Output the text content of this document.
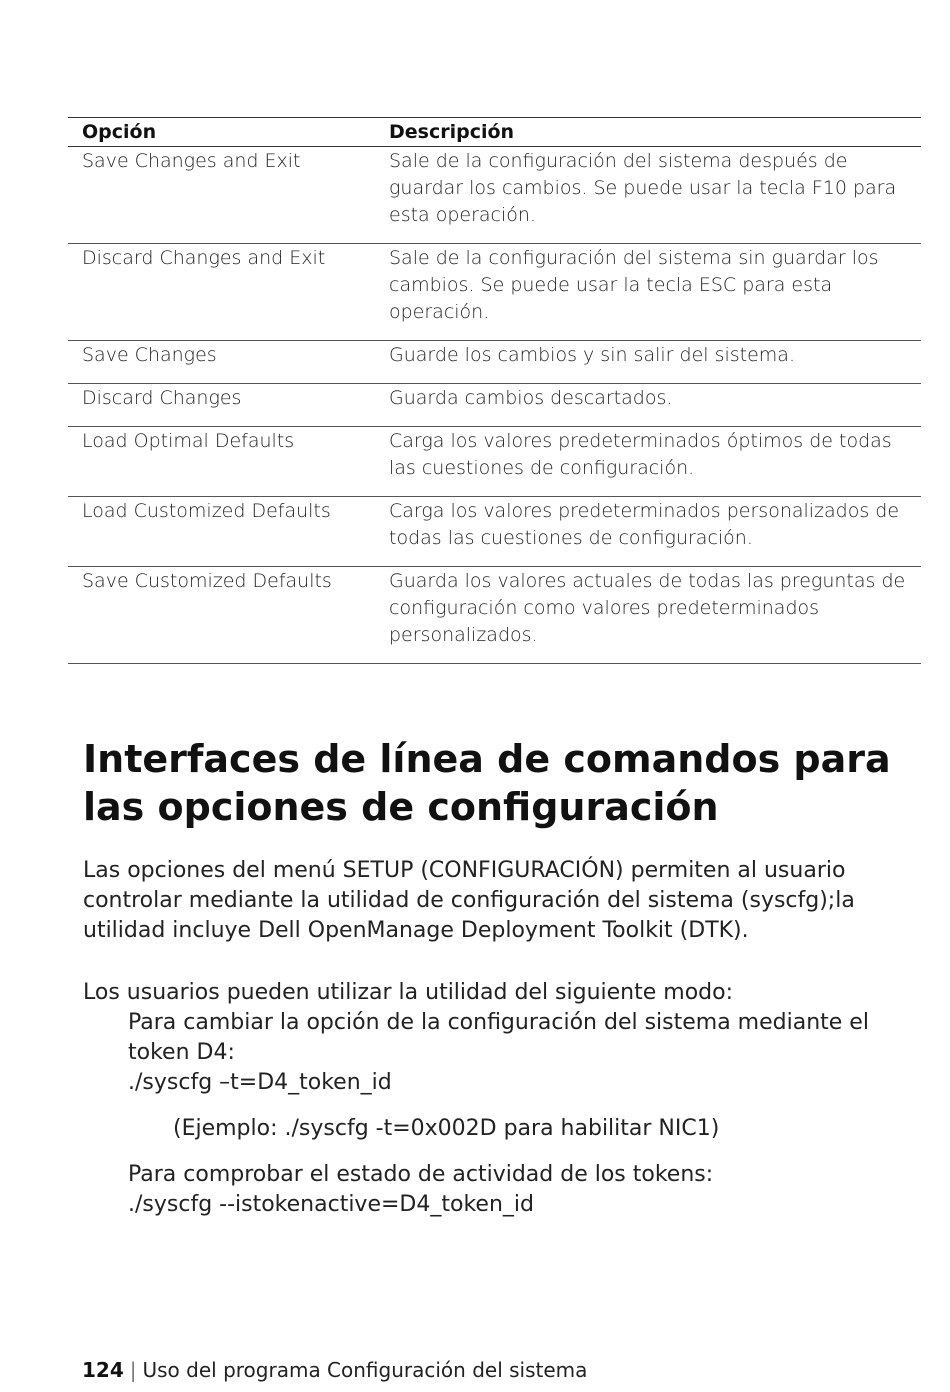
Opción	Descripción
Save Changes and Exit	Sale de la configuración del sistema después de guardar los cambios. Se puede usar la tecla F10 para esta operación.
Discard Changes and Exit	Sale de la configuración del sistema sin guardar los cambios. Se puede usar la tecla ESC para esta operación.
Save Changes	Guarde los cambios y sin salir del sistema.
Discard Changes	Guarda cambios descartados.
Load Optimal Defaults	Carga los valores predeterminados óptimos de todas las cuestiones de configuración.
Load Customized Defaults	Carga los valores predeterminados personalizados de todas las cuestiones de configuración.
Save Customized Defaults	Guarda los valores actuales de todas las preguntas de configuración como valores predeterminados personalizados.
Interfaces de línea de comandos para las opciones de configuración

Las opciones del menú SETUP (CONFIGURACIÓN) permiten al usuario controlar mediante la utilidad de configuración del sistema (syscfg);la utilidad incluye Dell OpenManage Deployment Toolkit (DTK).

Los usuarios pueden utilizar la utilidad del siguiente modo:

Para cambiar la opción de la configuración del sistema mediante el token D4:
./syscfg –t=D4_token_id

(Ejemplo: ./syscfg -t=0x002D para habilitar NIC1)

Para comprobar el estado de actividad de los tokens:
./syscfg --istokenactive=D4_token_id
124 | Uso del programa Configuración del sistema
